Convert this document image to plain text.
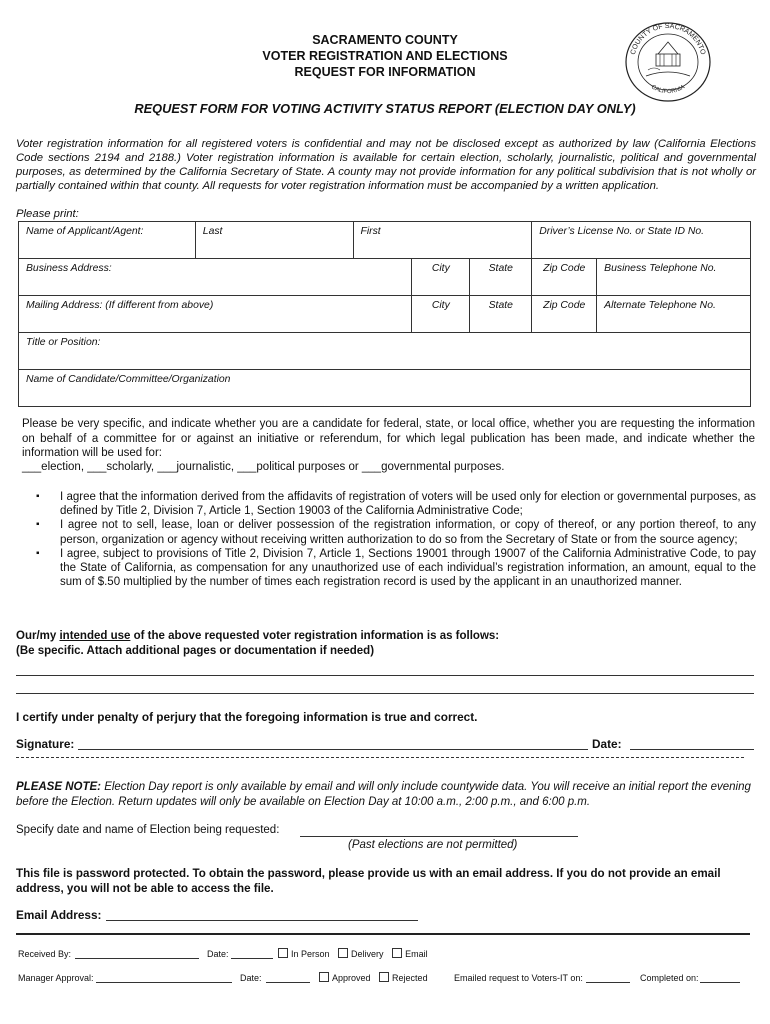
SACRAMENTO COUNTY
VOTER REGISTRATION AND ELECTIONS
REQUEST FOR INFORMATION
COUNTY OF SACRAMENTO
CALIFORNIA
REQUEST FORM FOR VOTING ACTIVITY STATUS REPORT (ELECTION DAY ONLY)
Voter registration information for all registered voters is confidential and may not be disclosed except as authorized by law (California Elections Code sections 2194 and 2188.) Voter registration information is available for certain election, scholarly, journalistic, political and governmental purposes, as determined by the California Secretary of State. A county may not provide information for any political subdivision that is not wholly or partially contained within that county. All requests for voter registration information must be accompanied by a written application.
Please print:
Name of Applicant/Agent:	Last	First			Driver’s License No. or State ID No.	
Business Address:			City	State	Zip Code	Business Telephone No.
Mailing Address: (If different from above)			City	State	Zip Code	Alternate Telephone No.
Title or Position:						
Name of Candidate/Committee/Organization						
Please be very specific, and indicate whether you are a candidate for federal, state, or local office, whether you are requesting the information on behalf of a committee for or against an initiative or referendum, for which legal publication has been made, and indicate whether the information will be used for:
___election, ___scholarly, ___journalistic, ___political purposes or ___governmental purposes.
▪ I agree that the information derived from the affidavits of registration of voters will be used only for election or governmental purposes, as defined by Title 2, Division 7, Article 1, Section 19003 of the California Administrative Code;
▪ I agree not to sell, lease, loan or deliver possession of the registration information, or copy of thereof, or any portion thereof, to any person, organization or agency without receiving written authorization to do so from the Secretary of State or from the source agency;
▪ I agree, subject to provisions of Title 2, Division 7, Article 1, Sections 19001 through 19007 of the California Administrative Code, to pay the State of California, as compensation for any unauthorized use of each individual’s registration information, an amount, equal to the sum of $.50 multiplied by the number of times each registration record is used by the applicant in an unauthorized manner.
Our/my intended use of the above requested voter registration information is as follows:
(Be specific. Attach additional pages or documentation if needed)
I certify under penalty of perjury that the foregoing information is true and correct.
Signature:	Date:
PLEASE NOTE: Election Day report is only available by email and will only include countywide data. You will receive an initial report the evening before the Election. Return updates will only be available on Election Day at 10:00 a.m., 2:00 p.m., and 6:00 p.m.
Specify date and name of Election being requested:
(Past elections are not permitted)
This file is password protected. To obtain the password, please provide us with an email address. If you do not provide an email address, you will not be able to access the file.
Email Address:
Received By:	Date:	In Person Delivery Email
Manager Approval:	Date:	Approved Rejected	Emailed request to Voters-IT on:	Completed on:
